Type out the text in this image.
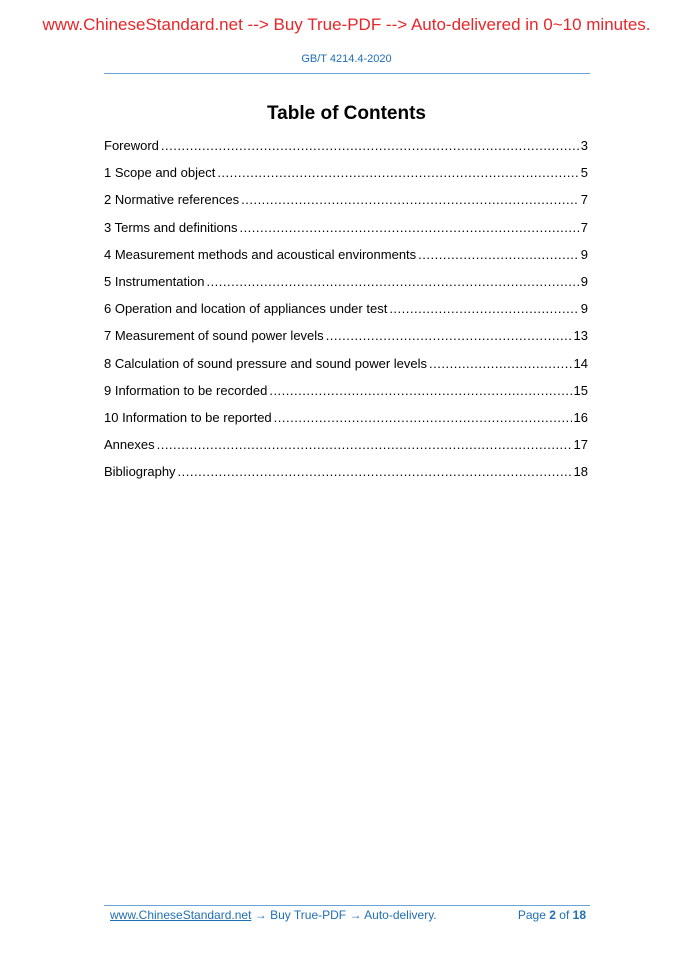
www.ChineseStandard.net --> Buy True-PDF --> Auto-delivered in 0~10 minutes.
GB/T 4214.4-2020
Table of Contents
Foreword .....	3
1 Scope and object .....	5
2 Normative references .....	7
3 Terms and definitions .....	7
4 Measurement methods and acoustical environments .....	9
5 Instrumentation .....	9
6 Operation and location of appliances under test .....	9
7 Measurement of sound power levels .....	13
8 Calculation of sound pressure and sound power levels .....	14
9 Information to be recorded .....	15
10 Information to be reported .....	16
Annexes .....	17
Bibliography .....	18
www.ChineseStandard.net → Buy True-PDF → Auto-delivery.	Page 2 of 18
